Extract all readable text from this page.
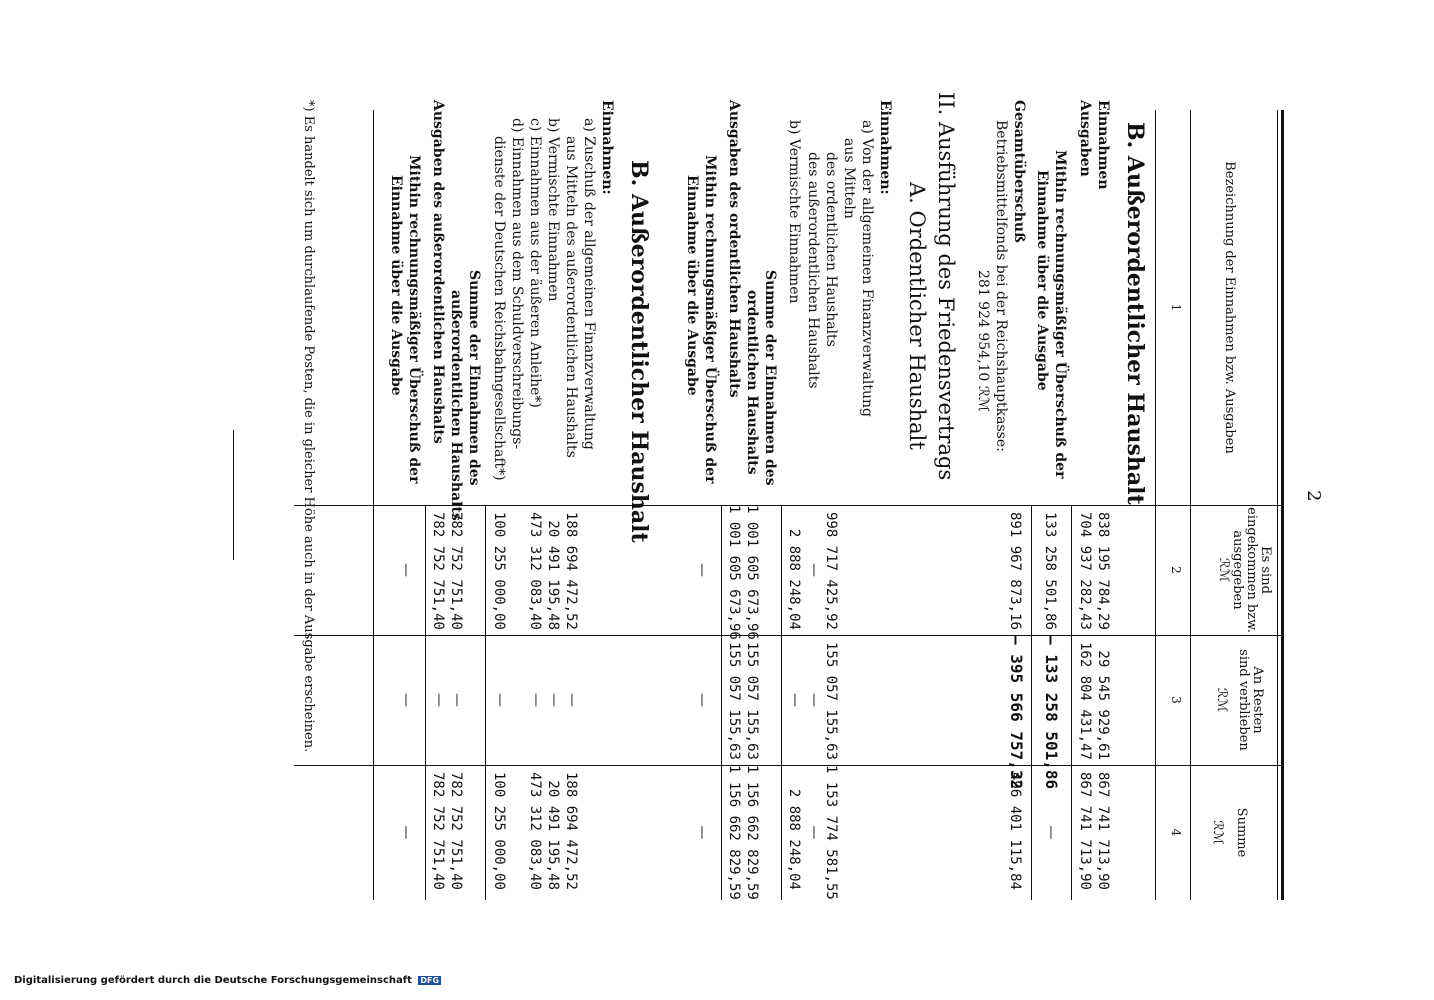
2
Bezeichnung der Einnahmen bzw. Ausgaben
Es sind
eingekommen bzw.
ausgegeben
ℛℳ
An Resten
sind verblieben
ℛℳ
Summe
ℛℳ
1
2
3
4
B. Außerordentlicher Haushalt
Einnahmen
838 195 784,29
29 545 929,61
867 741 713,90
Ausgaben
704 937 282,43
162 804 431,47
867 741 713,90
Mithin rechnungsmäßiger Überschuß der
Einnahme über die Ausgabe
133 258 501,86
— 133 258 501,86
—
Gesamtüberschuß
891 967 873,16
— 395 566 757,32
496 401 115,84
Betriebsmittelfonds bei der Reichshauptkasse:
281 924 954,10 ℛℳ
II. Ausführung des Friedensvertrags
A. Ordentlicher Haushalt
Einnahmen:
a) Von der allgemeinen Finanzverwaltung
aus Mitteln
des ordentlichen Haushalts
998 717 425,92
155 057 155,63
1 153 774 581,55
des außerordentlichen Haushalts
—
—
—
b) Vermischte Einnahmen
2 888 248,04
—
2 888 248,04
Summe der Einnahmen des
ordentlichen Haushalts
1 001 605 673,96
155 057 155,63
1 156 662 829,59
Ausgaben des ordentlichen Haushalts
1 001 605 673,96
155 057 155,63
1 156 662 829,59
Mithin rechnungsmäßiger Überschuß der
Einnahme über die Ausgabe
—
—
—
B. Außerordentlicher Haushalt
Einnahmen:
a) Zuschuß der allgemeinen Finanzverwaltung
aus Mitteln des außerordentlichen Haushalts
188 694 472,52
—
188 694 472,52
b) Vermischte Einnahmen
20 491 195,48
—
20 491 195,48
c) Einnahmen aus der äußeren Anleihe*)
473 312 083,40
—
473 312 083,40
d) Einnahmen aus dem Schuldverschreibungs-
dienste der Deutschen Reichsbahngesellschaft*)
100 255 000,00
—
100 255 000,00
Summe der Einnahmen des
außerordentlichen Haushalts
782 752 751,40
—
782 752 751,40
Ausgaben des außerordentlichen Haushalts
782 752 751,40
—
782 752 751,40
Mithin rechnungsmäßiger Überschuß der
Einnahme über die Ausgabe
—
—
—
*) Es handelt sich um durchlaufende Posten, die in gleicher Höhe auch in der Ausgabe erscheinen.
Digitalisierung gefördert durch die Deutsche Forschungsgemeinschaft DFG
